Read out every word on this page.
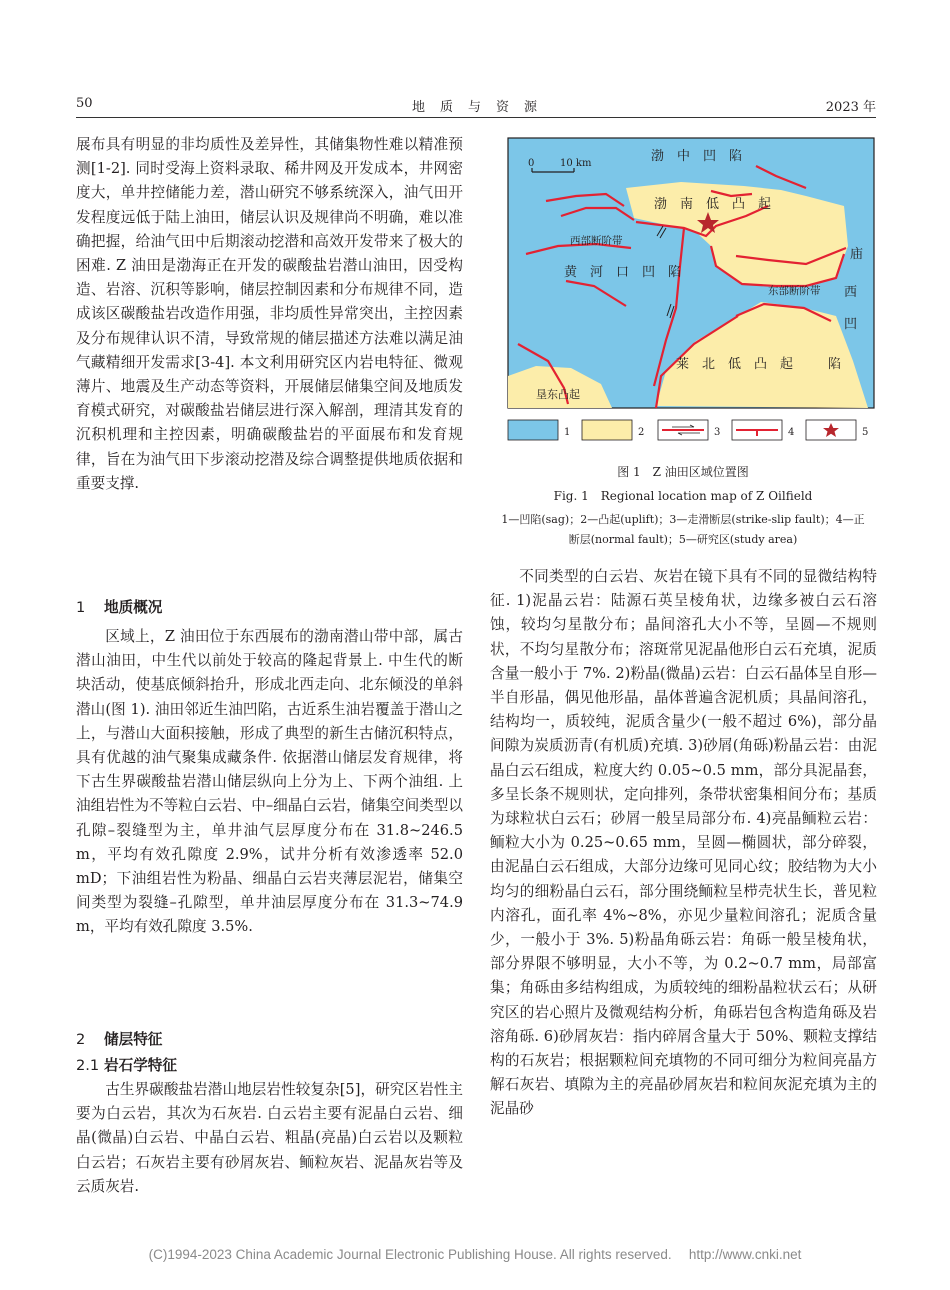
50	地　质　与　资　源	2023 年

展布具有明显的非均质性及差异性，其储集物性难以精准预测[1-2]. 同时受海上资料录取、稀井网及开发成本，井网密度大，单井控储能力差，潜山研究不够系统深入，油气田开发程度远低于陆上油田，储层认识及规律尚不明确，难以准确把握，给油气田中后期滚动挖潜和高效开发带来了极大的困难. Z 油田是渤海正在开发的碳酸盐岩潜山油田，因受构造、岩溶、沉积等影响，储层控制因素和分布规律不同，造成该区碳酸盐岩改造作用强，非均质性异常突出，主控因素及分布规律认识不清，导致常规的储层描述方法难以满足油气藏精细开发需求[3-4]. 本文利用研究区内岩电特征、微观薄片、地震及生产动态等资料，开展储层储集空间及地质发育模式研究，对碳酸盐岩储层进行深入解剖，理清其发育的沉积机理和主控因素，明确碳酸盐岩的平面展布和发育规律，旨在为油气田下步滚动挖潜及综合调整提供地质依据和重要支撑.

1 地质概况

区域上，Z 油田位于东西展布的渤南潜山带中部，属古潜山油田，中生代以前处于较高的隆起背景上. 中生代的断块活动，使基底倾斜抬升，形成北西走向、北东倾没的单斜潜山(图 1). 油田邻近生油凹陷，古近系生油岩覆盖于潜山之上，与潜山大面积接触，形成了典型的新生古储沉积特点，具有优越的油气聚集成藏条件. 依据潜山储层发育规律，将下古生界碳酸盐岩潜山储层纵向上分为上、下两个油组. 上油组岩性为不等粒白云岩、中–细晶白云岩，储集空间类型以孔隙–裂缝型为主，单井油气层厚度分布在 31.8~246.5 m，平均有效孔隙度 2.9%，试井分析有效渗透率 52.0 mD；下油组岩性为粉晶、细晶白云岩夹薄层泥岩，储集空间类型为裂缝–孔隙型，单井油层厚度分布在 31.3~74.9 m，平均有效孔隙度 3.5%.

2 储层特征
2.1 岩石学特征

古生界碳酸盐岩潜山地层岩性较复杂[5]，研究区岩性主要为白云岩，其次为石灰岩. 白云岩主要有泥晶白云岩、细晶(微晶)白云岩、中晶白云岩、粗晶(亮晶)白云岩以及颗粒白云岩；石灰岩主要有砂屑灰岩、鲕粒灰岩、泥晶灰岩等及云质灰岩.

0	10 km	渤　中　凹　陷
渤　南　低　凸　起
西部断阶带
黄　河　口　凹　陷
庙
西
凹
陷
东部断阶带
莱　北　低　凸　起
垦东凸起
1	2	3	4	5
图 1　Z 油田区域位置图
Fig. 1　Regional location map of Z Oilfield
1—凹陷(sag)；2—凸起(uplift)；3—走滑断层(strike-slip fault)；4—正
断层(normal fault)；5—研究区(study area)

不同类型的白云岩、灰岩在镜下具有不同的显微结构特征. 1)泥晶云岩：陆源石英呈棱角状，边缘多被白云石溶蚀，较均匀星散分布；晶间溶孔大小不等，呈圆—不规则状，不均匀星散分布；溶斑常见泥晶他形白云石充填，泥质含量一般小于 7%. 2)粉晶(微晶)云岩：白云石晶体呈自形—半自形晶，偶见他形晶，晶体普遍含泥机质；具晶间溶孔，结构均一，质较纯，泥质含量少(一般不超过 6%)，部分晶间隙为炭质沥青(有机质)充填. 3)砂屑(角砾)粉晶云岩：由泥晶白云石组成，粒度大约 0.05~0.5 mm，部分具泥晶套，多呈长条不规则状，定向排列，条带状密集相间分布；基质为球粒状白云石；砂屑一般呈局部分布. 4)亮晶鲕粒云岩：鲕粒大小为 0.25~0.65 mm，呈圆—椭圆状，部分碎裂，由泥晶白云石组成，大部分边缘可见同心纹；胶结物为大小均匀的细粉晶白云石，部分围绕鲕粒呈栉壳状生长，普见粒内溶孔，面孔率 4%~8%，亦见少量粒间溶孔；泥质含量少，一般小于 3%. 5)粉晶角砾云岩：角砾一般呈棱角状，部分界限不够明显，大小不等，为 0.2~0.7 mm，局部富集；角砾由多结构组成，为质较纯的细粉晶粒状云石；从研究区的岩心照片及微观结构分析，角砾岩包含构造角砾及岩溶角砾. 6)砂屑灰岩：指内碎屑含量大于 50%、颗粒支撑结构的石灰岩；根据颗粒间充填物的不同可细分为粒间亮晶方解石灰岩、填隙为主的亮晶砂屑灰岩和粒间灰泥充填为主的泥晶砂

(C)1994-2023 China Academic Journal Electronic Publishing House. All rights reserved.　 http://www.cnki.net
